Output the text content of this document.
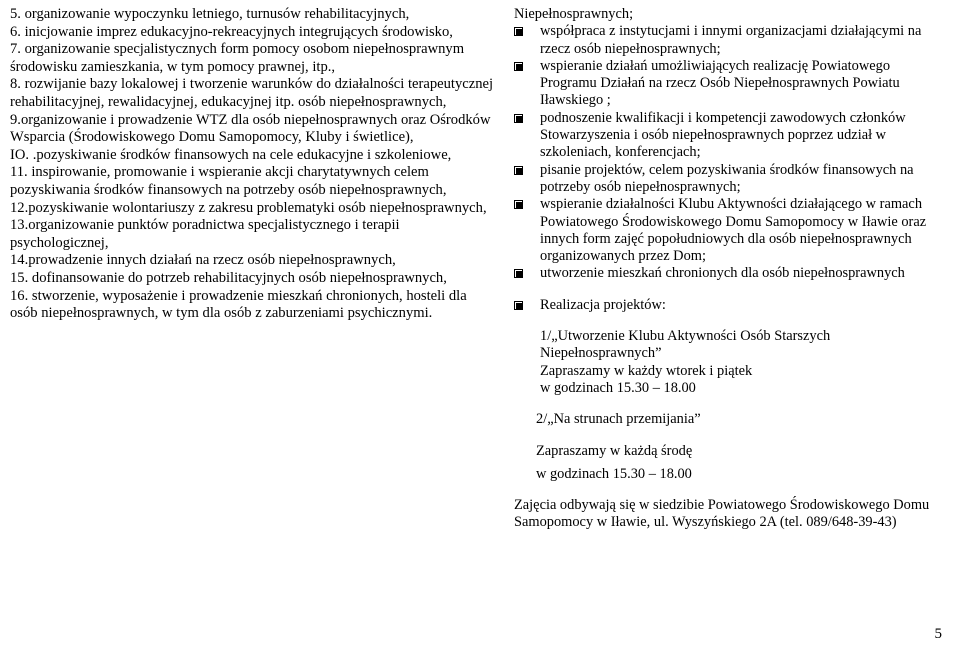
5. organizowanie wypoczynku letniego, turnusów rehabilitacyjnych,

6. inicjowanie imprez edukacyjno-rekreacyjnych integrujących środowisko,

7. organizowanie specjalistycznych form pomocy osobom niepełnosprawnym środowisku zamieszkania, w tym pomocy prawnej, itp.,

8. rozwijanie bazy lokalowej i tworzenie warunków do działalności terapeutycznej rehabilitacyjnej, rewalidacyjnej, edukacyjnej itp. osób niepełnosprawnych,

9.organizowanie i prowadzenie WTZ dla osób niepełnosprawnych oraz Ośrodków Wsparcia (Środowiskowego Domu Samopomocy, Kluby i świetlice),

IO. .pozyskiwanie środków finansowych na cele edukacyjne i szkoleniowe,

11. inspirowanie, promowanie i wspieranie akcji charytatywnych celem pozyskiwania środków finansowych na potrzeby osób niepełnosprawnych,

12.pozyskiwanie wolontariuszy z zakresu problematyki osób niepełnosprawnych,

13.organizowanie punktów poradnictwa specjalistycznego i terapii psychologicznej,

14.prowadzenie innych działań na rzecz osób niepełnosprawnych,

15. dofinansowanie do potrzeb rehabilitacyjnych osób niepełnosprawnych,

16. stworzenie, wyposażenie i prowadzenie mieszkań chronionych, hosteli dla osób niepełnosprawnych, w tym dla osób z zaburzeniami psychicznymi.

Niepełnosprawnych;

współpraca z instytucjami i innymi organizacjami działającymi na rzecz osób niepełnosprawnych;

wspieranie działań umożliwiających realizację Powiatowego Programu Działań na rzecz Osób Niepełnosprawnych Powiatu Iławskiego ;

podnoszenie kwalifikacji i kompetencji zawodowych członków Stowarzyszenia i osób niepełnosprawnych poprzez udział w szkoleniach, konferencjach;

pisanie projektów, celem pozyskiwania środków finansowych na potrzeby osób niepełnosprawnych;

wspieranie działalności Klubu Aktywności działającego w ramach Powiatowego Środowiskowego Domu Samopomocy w Iławie oraz innych form zajęć popołudniowych dla osób niepełnosprawnych organizowanych przez Dom;

utworzenie mieszkań chronionych dla osób niepełnosprawnych

Realizacja projektów:

1/„Utworzenie Klubu Aktywności Osób Starszych Niepełnosprawnych”

Zapraszamy w każdy wtorek i piątek

w godzinach 15.30 – 18.00

2/„Na strunach przemijania”

Zapraszamy w każdą środę

w godzinach 15.30 – 18.00

Zajęcia odbywają się w siedzibie Powiatowego Środowiskowego Domu Samopomocy w Iławie, ul. Wyszyńskiego 2A (tel. 089/648-39-43)

5
